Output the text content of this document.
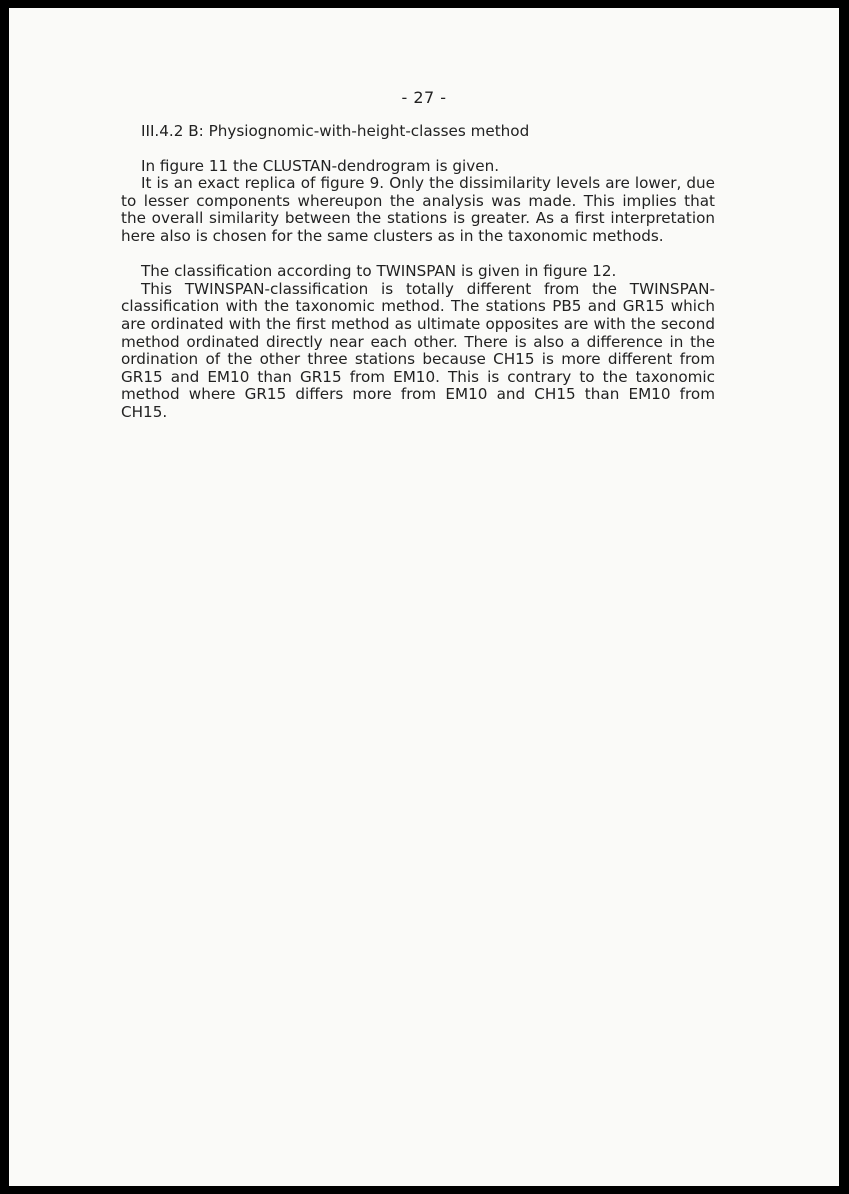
- 27 -

III.4.2 B: Physiognomic-with-height-classes method

In figure 11 the CLUSTAN-dendrogram is given.

It is an exact replica of figure 9. Only the dissimilarity levels are lower, due to lesser components whereupon the analysis was made. This implies that the overall similarity between the stations is greater. As a first interpretation here also is chosen for the same clusters as in the taxonomic methods.

The classification according to TWINSPAN is given in figure 12.

This TWINSPAN-classification is totally different from the TWINSPAN-classification with the taxonomic method. The stations PB5 and GR15 which are ordinated with the first method as ultimate opposites are with the second method ordinated directly near each other. There is also a difference in the ordination of the other three stations because CH15 is more different from GR15 and EM10 than GR15 from EM10. This is contrary to the taxonomic method where GR15 differs more from EM10 and CH15 than EM10 from CH15.
